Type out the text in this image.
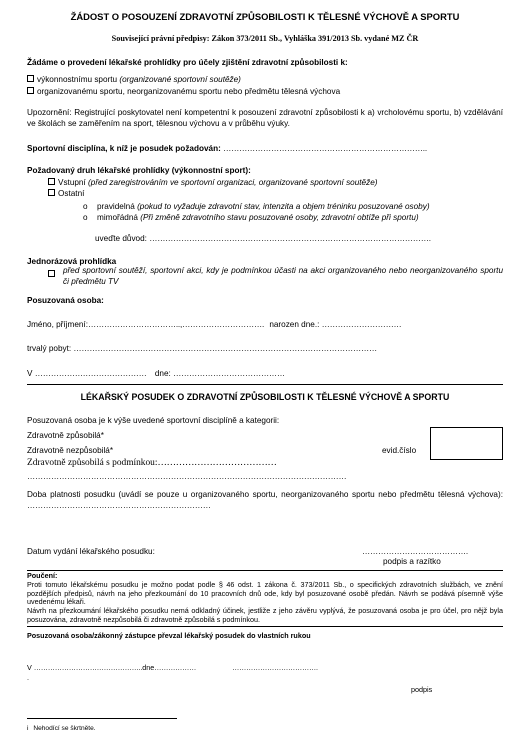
ŽÁDOST O POSOUZENÍ ZDRAVOTNÍ ZPŮSOBILOSTI K TĚLESNÉ VÝCHOVĚ A SPORTU
Související právní předpisy: Zákon 373/2011 Sb., Vyhláška 391/2013 Sb. vydané MZ ČR
Žádáme o provedení lékařské prohlídky pro účely zjištění zdravotní způsobilosti k:
výkonnostnímu sportu (organizované sportovní soutěže)
organizovanému sportu, neorganizovanému sportu nebo předmětu tělesná výchova
Upozornění: Registrující poskytovatel není kompetentní k posouzení zdravotní způsobilosti k a) vrcholovému sportu, b) vzdělávání ve školách se zaměřením na sport, tělesnou výchovu a v průběhu výuky.
Sportovní disciplína, k níž je posudek požadován: …………………………………………………………………..
Požadovaný druh lékařské prohlídky (výkonnostní sport):
Vstupní (před zaregistrováním ve sportovní organizaci, organizované sportovní soutěže)
Ostatní
o pravidelná (pokud to vyžaduje zdravotní stav, intenzita a objem tréninku posuzované osoby)
o mimořádná (Při změně zdravotního stavu posuzované osoby, zdravotní obtíže při sportu)
uveďte důvod: …………………………………………………………………………………………….
Jednorázová prohlídka
před sportovní soutěží, sportovní akci, kdy je podmínkou účasti na akci organizovaného nebo neorganizovaného sportu či předmětu TV
Posuzovaná osoba:
Jméno, příjmení:……………………………..,…………………………. narozen dne.: …………………………
trvalý pobyt: ……………………………………………………………………………………………………
V …………………………………… dne: ……………………………………
LÉKAŘSKÝ POSUDEK O ZDRAVOTNÍ ZPŮSOBILOSTI K TĚLESNÉ VÝCHOVĚ A SPORTU
Posuzovaná osoba je k výše uvedené sportovní disciplíně a kategorii:
Zdravotně způsobilá*
Zdravotně nezpůsobilá*	evid.číslo
Zdravotně způsobilá s podmínkou:…………………………………
…………………………………………………………………………………………………………
Doba platnosti posudku (uvádí se pouze u organizovaného sportu, neorganizovaného sportu nebo předmětu tělesná výchova): ……………………………………………………………
Datum vydání lékařského posudku:	………………………………….
podpis a razítko
Poučení:
Proti tomuto lékařskému posudku je možno podat podle § 46 odst. 1 zákona č. 373/2011 Sb., o specifických zdravotních službách, ve znění pozdějších předpisů, návrh na jeho přezkoumání do 10 pracovních dnů ode, kdy byl posuzované osobě předán. Návrh se podává písemně výše uvedenému lékaři.
Návrh na přezkoumání lékařského posudku nemá odkladný účinek, jestliže z jeho závěru vyplývá, že posuzovaná osoba je pro účel, pro nějž byla posuzována, zdravotně nezpůsobilá či zdravotně způsobilá s podmínkou.
Posuzovaná osoba/zákonný zástupce převzal lékařský posudek do vlastních rukou
V ………………………………………..dne………………	……………………………….
.
podpis
i Nehodící se škrtněte.
